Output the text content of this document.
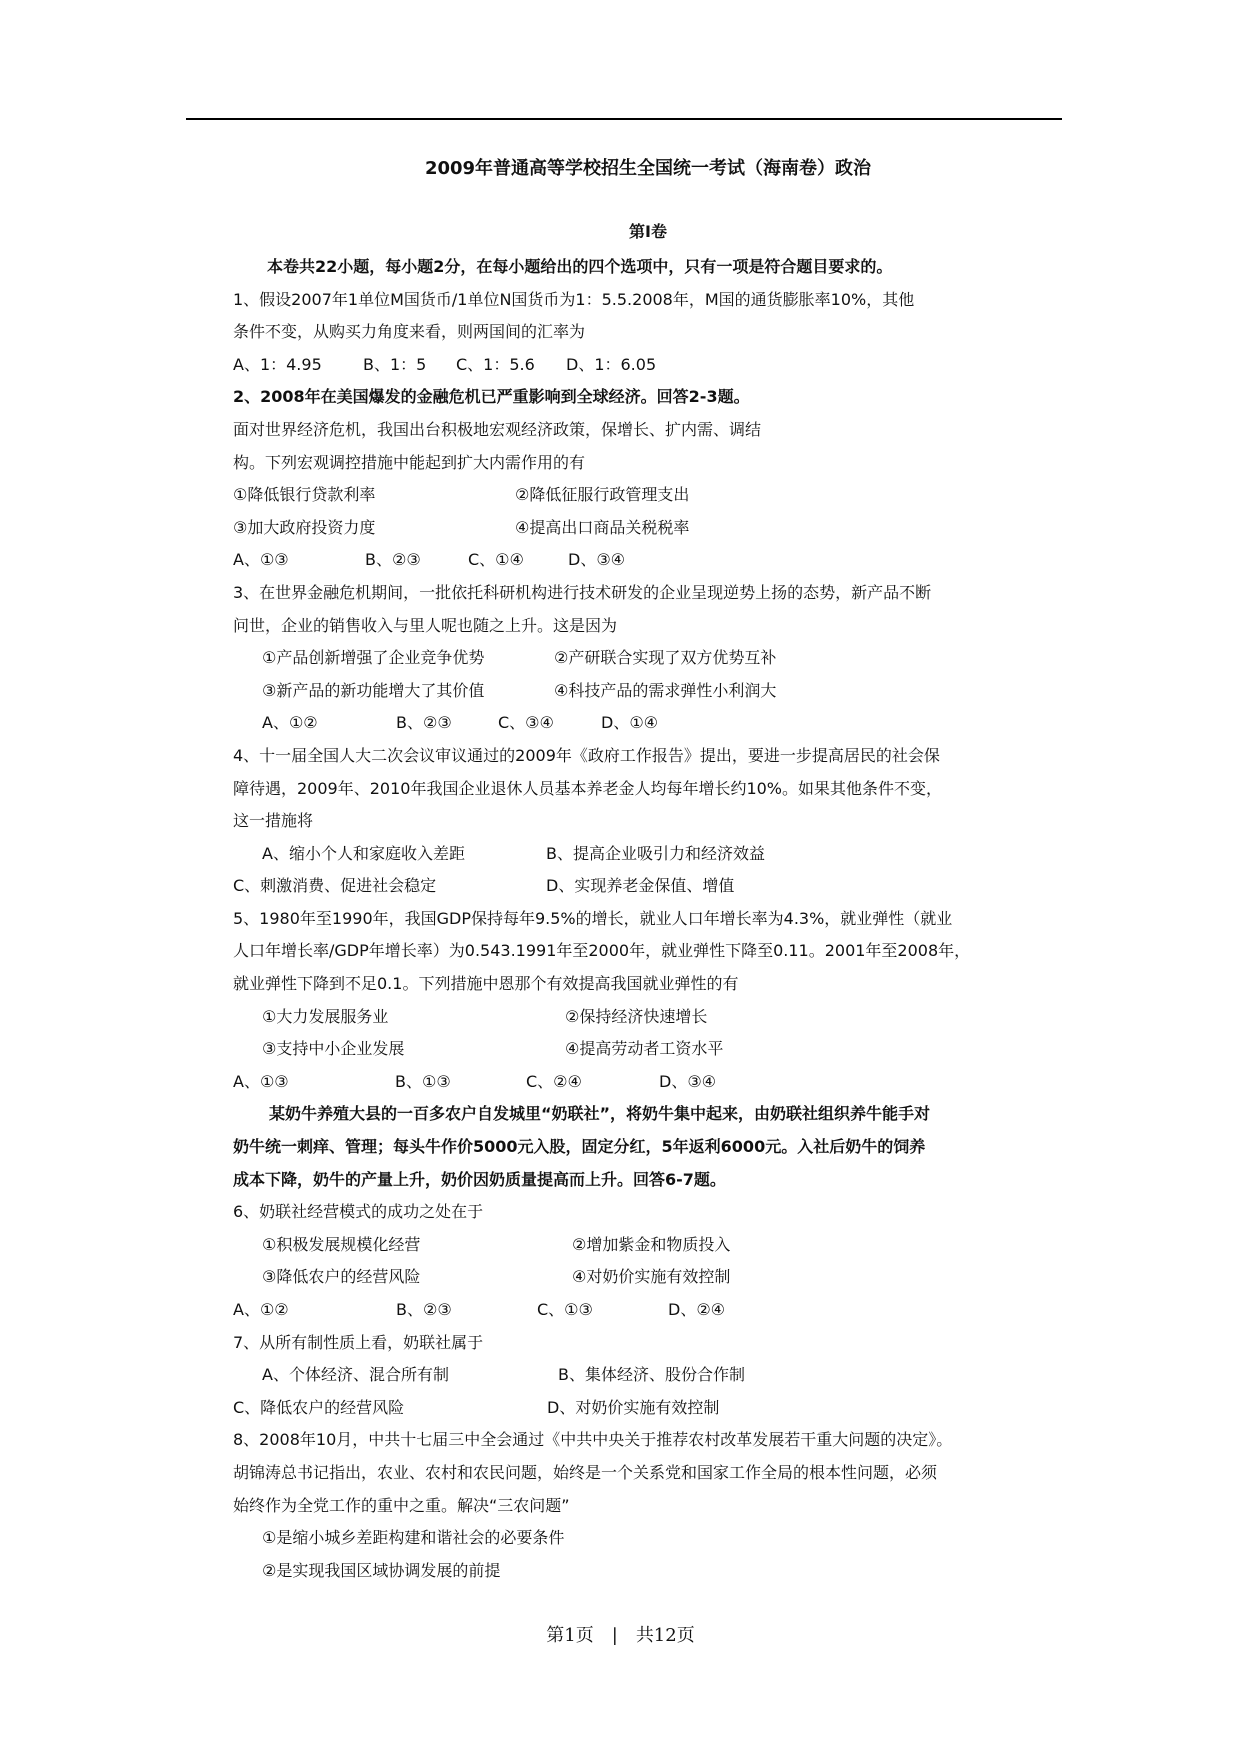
2009年普通高等学校招生全国统一考试（海南卷）政治
第Ⅰ卷
本卷共22小题，每小题2分，在每小题给出的四个选项中，只有一项是符合题目要求的。
1、假设2007年1单位M国货币/1单位N国货币为1：5.5.2008年，M国的通货膨胀率10%，其他
条件不变，从购买力角度来看，则两国间的汇率为
A、1：4.95	B、1：5 C、1：5.6 D、1：6.05
2、2008年在美国爆发的金融危机已严重影响到全球经济。回答2-3题。
面对世界经济危机，我国出台积极地宏观经济政策，保增长、扩内需、调结
构。下列宏观调控措施中能起到扩大内需作用的有
①降低银行贷款利率	②降低征服行政管理支出
③加大政府投资力度	④提高出口商品关税税率
A、①③	B、②③	C、①④	D、③④
3、在世界金融危机期间，一批依托科研机构进行技术研发的企业呈现逆势上扬的态势，新产品不断
问世，企业的销售收入与里人呢也随之上升。这是因为
①产品创新增强了企业竞争优势	②产研联合实现了双方优势互补
③新产品的新功能增大了其价值	④科技产品的需求弹性小利润大
A、①②	B、②③	C、③④	D、①④
4、十一届全国人大二次会议审议通过的2009年《政府工作报告》提出，要进一步提高居民的社会保
障待遇，2009年、2010年我国企业退休人员基本养老金人均每年增长约10%。如果其他条件不变，
这一措施将
A、缩小个人和家庭收入差距	B、提高企业吸引力和经济效益
C、刺激消费、促进社会稳定	D、实现养老金保值、增值
5、1980年至1990年，我国GDP保持每年9.5%的增长，就业人口年增长率为4.3%，就业弹性（就业
人口年增长率/GDP年增长率）为0.543.1991年至2000年，就业弹性下降至0.11。2001年至2008年，
就业弹性下降到不足0.1。下列措施中恩那个有效提高我国就业弹性的有
①大力发展服务业	②保持经济快速增长
③支持中小企业发展	④提高劳动者工资水平
A、①③	B、①③	C、②④	D、③④
某奶牛养殖大县的一百多农户自发城里“奶联社”，将奶牛集中起来，由奶联社组织养牛能手对
奶牛统一刺痒、管理；每头牛作价5000元入股，固定分红，5年返利6000元。入社后奶牛的饲养
成本下降，奶牛的产量上升，奶价因奶质量提高而上升。回答6-7题。
6、奶联社经营模式的成功之处在于
①积极发展规模化经营	②增加紫金和物质投入
③降低农户的经营风险	④对奶价实施有效控制
A、①②	B、②③	C、①③	D、②④
7、从所有制性质上看，奶联社属于
A、个体经济、混合所有制	B、集体经济、股份合作制
C、降低农户的经营风险	D、对奶价实施有效控制
8、2008年10月，中共十七届三中全会通过《中共中央关于推荐农村改革发展若干重大问题的决定》。
胡锦涛总书记指出，农业、农村和农民问题，始终是一个关系党和国家工作全局的根本性问题，必须
始终作为全党工作的重中之重。解决“三农问题”
①是缩小城乡差距构建和谐社会的必要条件
②是实现我国区域协调发展的前提
第1页 | 共12页
